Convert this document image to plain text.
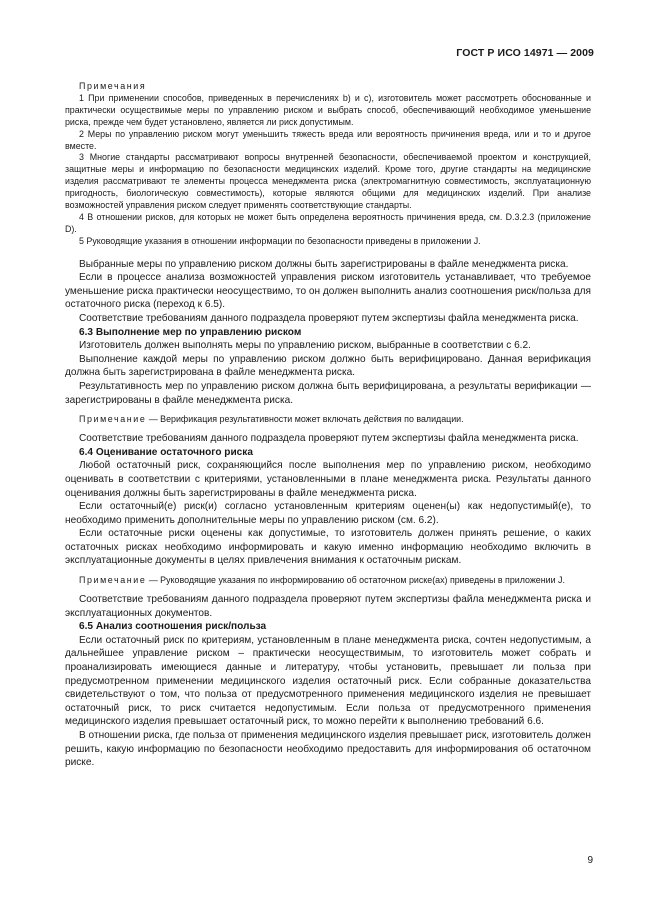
ГОСТ Р ИСО 14971 — 2009

Примечания

1 При применении способов, приведенных в перечислениях b) и c), изготовитель может рассмотреть обоснованные и практически осуществимые меры по управлению риском и выбрать способ, обеспечивающий необходимое уменьшение риска, прежде чем будет установлено, является ли риск допустимым.

2 Меры по управлению риском могут уменьшить тяжесть вреда или вероятность причинения вреда, или и то и другое вместе.

3 Многие стандарты рассматривают вопросы внутренней безопасности, обеспечиваемой проектом и конструкцией, защитные меры и информацию по безопасности медицинских изделий. Кроме того, другие стандарты на медицинские изделия рассматривают те элементы процесса менеджмента риска (электромагнитную совместимость, эксплуатационную пригодность, биологическую совместимость), которые являются общими для медицинских изделий. При анализе возможностей управления риском следует применять соответствующие стандарты.

4 В отношении рисков, для которых не может быть определена вероятность причинения вреда, см. D.3.2.3 (приложение D).

5 Руководящие указания в отношении информации по безопасности приведены в приложении J.

Выбранные меры по управлению риском должны быть зарегистрированы в файле менеджмента риска.

Если в процессе анализа возможностей управления риском изготовитель устанавливает, что требуемое уменьшение риска практически неосуществимо, то он должен выполнить анализ соотношения риск/польза для остаточного риска (переход к 6.5).

Соответствие требованиям данного подраздела проверяют путем экспертизы файла менеджмента риска.

6.3 Выполнение мер по управлению риском

Изготовитель должен выполнять меры по управлению риском, выбранные в соответствии с 6.2.

Выполнение каждой меры по управлению риском должно быть верифицировано. Данная верификация должна быть зарегистрирована в файле менеджмента риска.

Результативность мер по управлению риском должна быть верифицирована, а результаты верификации — зарегистрированы в файле менеджмента риска.

Примечание — Верификация результативности может включать действия по валидации.

Соответствие требованиям данного подраздела проверяют путем экспертизы файла менеджмента риска.

6.4 Оценивание остаточного риска

Любой остаточный риск, сохраняющийся после выполнения мер по управлению риском, необходимо оценивать в соответствии с критериями, установленными в плане менеджмента риска. Результаты данного оценивания должны быть зарегистрированы в файле менеджмента риска.

Если остаточный(е) риск(и) согласно установленным критериям оценен(ы) как недопустимый(е), то необходимо применить дополнительные меры по управлению риском (см. 6.2).

Если остаточные риски оценены как допустимые, то изготовитель должен принять решение, о каких остаточных рисках необходимо информировать и какую именно информацию необходимо включить в эксплуатационные документы в целях привлечения внимания к остаточным рискам.

Примечание — Руководящие указания по информированию об остаточном риске(ах) приведены в приложении J.

Соответствие требованиям данного подраздела проверяют путем экспертизы файла менеджмента риска и эксплуатационных документов.

6.5 Анализ соотношения риск/польза

Если остаточный риск по критериям, установленным в плане менеджмента риска, сочтен недопустимым, а дальнейшее управление риском – практически неосуществимым, то изготовитель может собрать и проанализировать имеющиеся данные и литературу, чтобы установить, превышает ли польза при предусмотренном применении медицинского изделия остаточный риск. Если собранные доказательства свидетельствуют о том, что польза от предусмотренного применения медицинского изделия не превышает остаточный риск, то риск считается недопустимым. Если польза от предусмотренного применения медицинского изделия превышает остаточный риск, то можно перейти к выполнению требований 6.6.

В отношении риска, где польза от применения медицинского изделия превышает риск, изготовитель должен решить, какую информацию по безопасности необходимо предоставить для информирования об остаточном риске.

9
